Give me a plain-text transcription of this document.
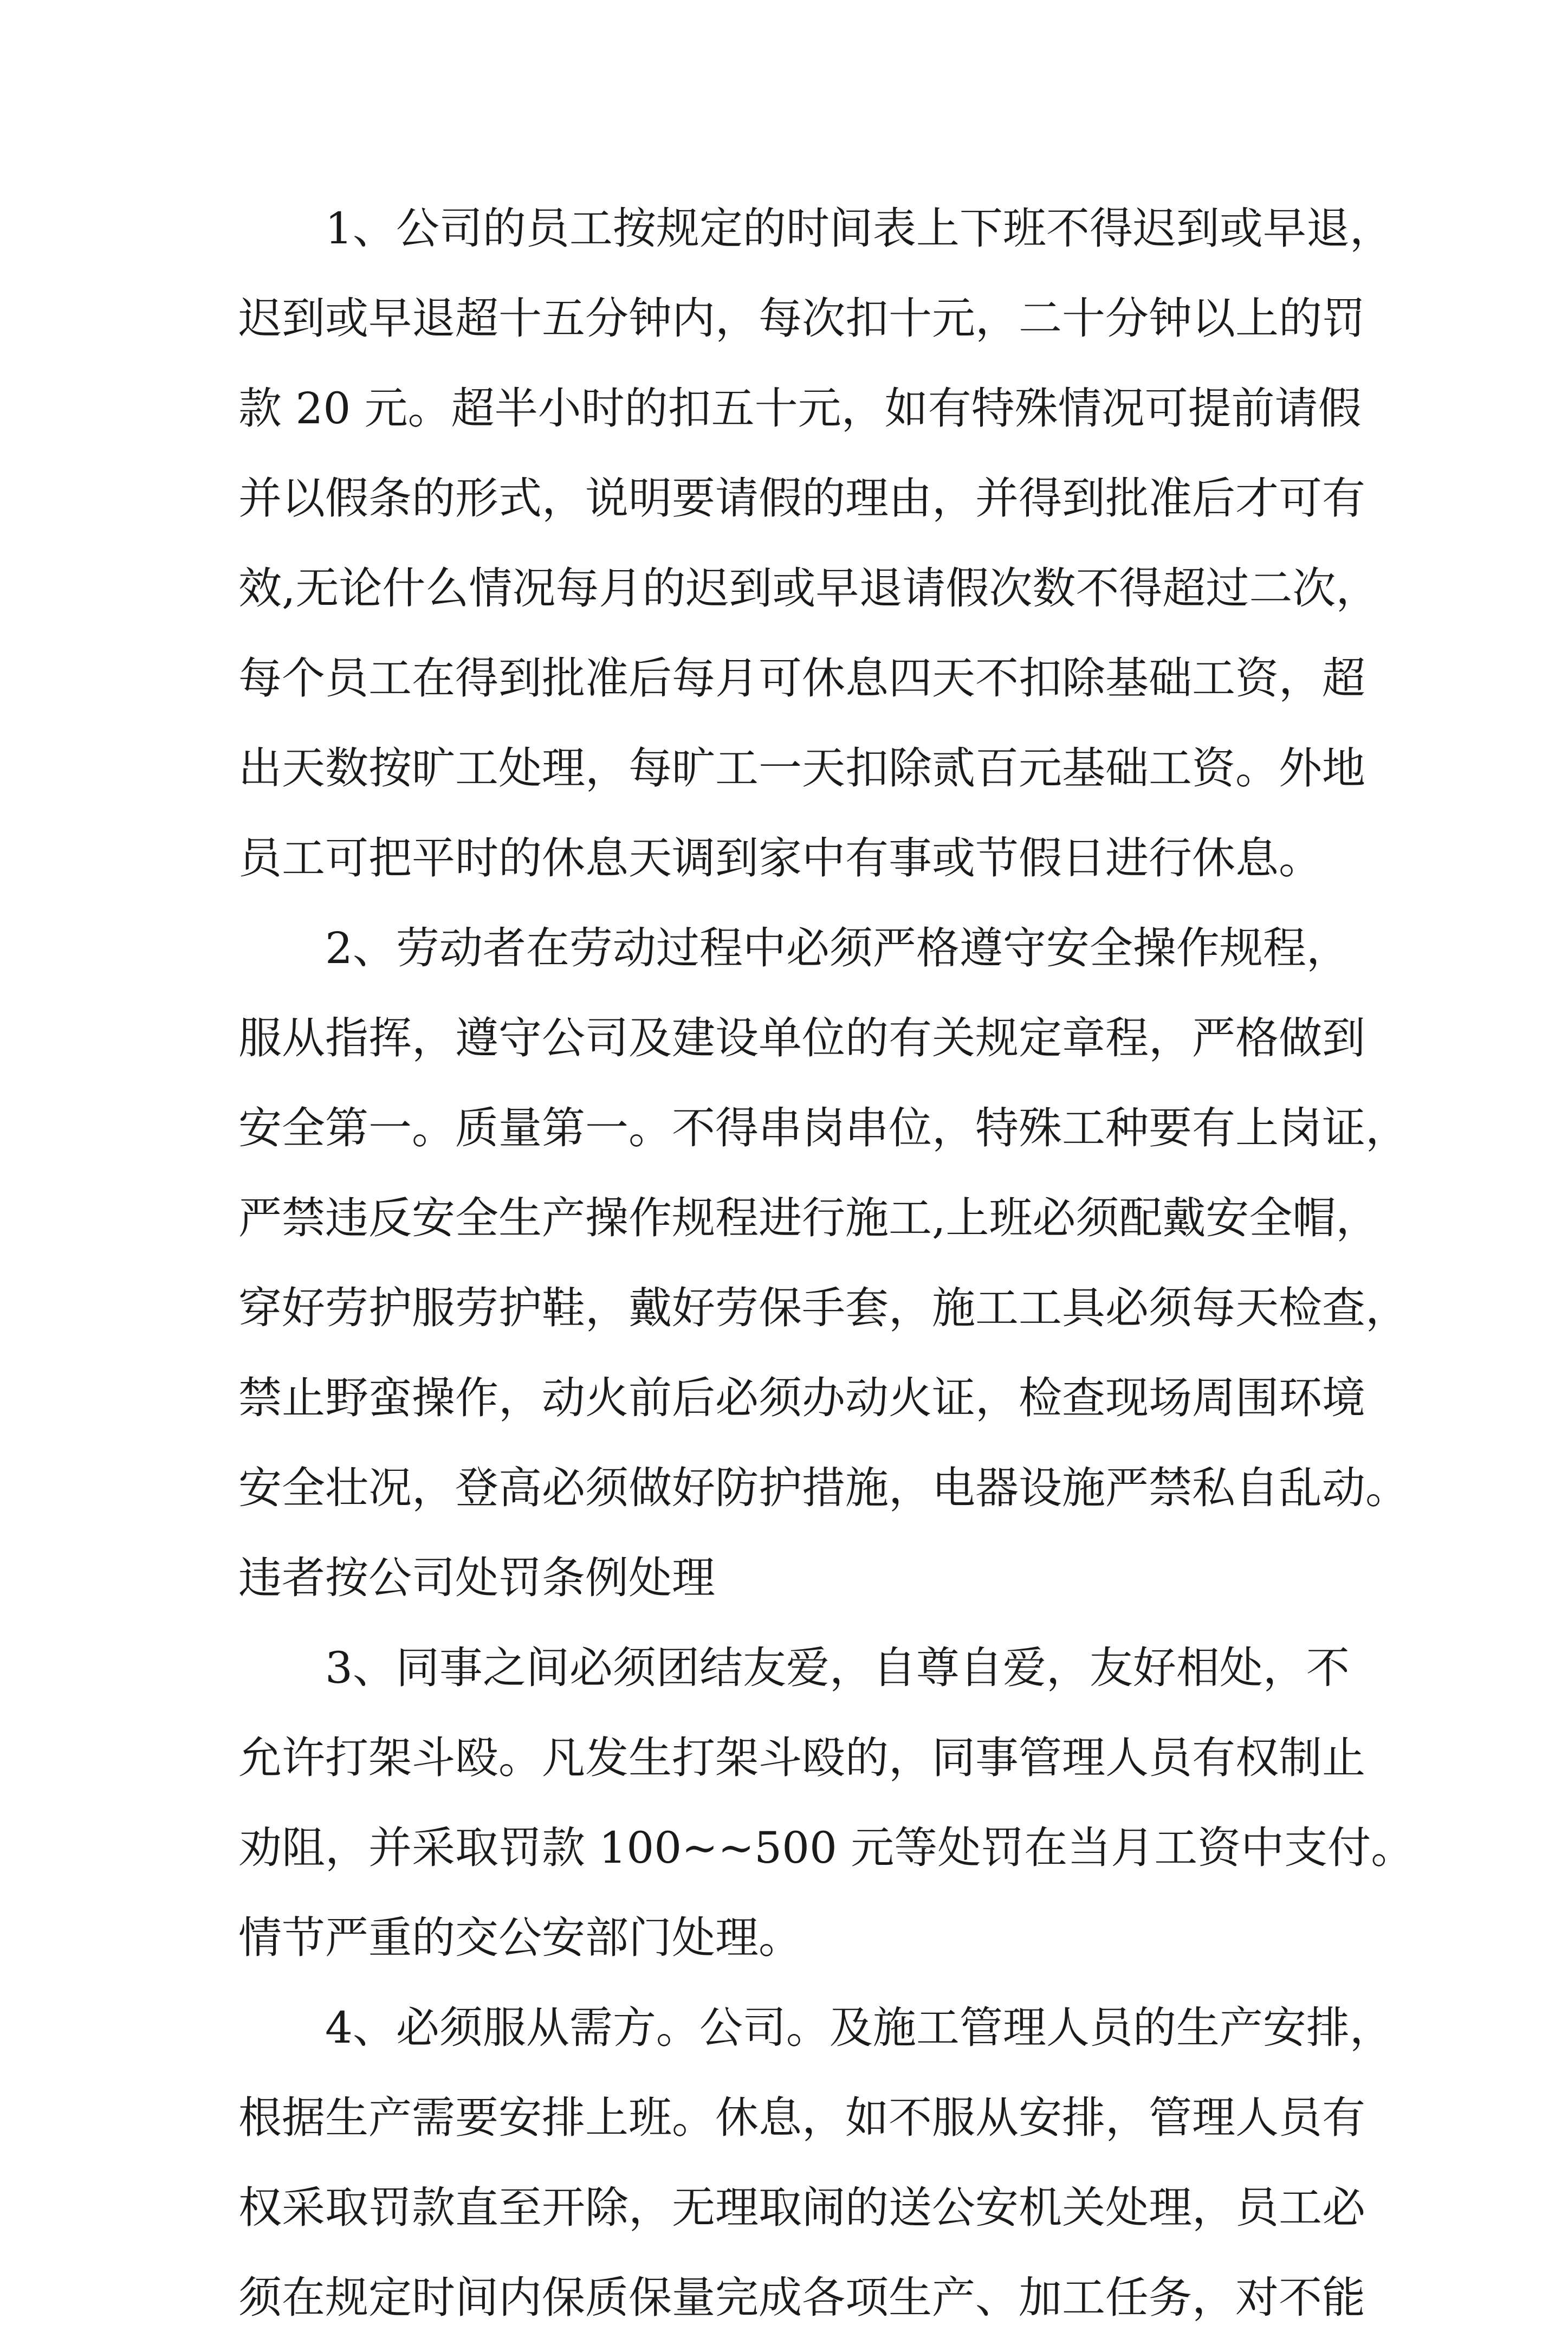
　　1、公司的员工按规定的时间表上下班不得迟到或早退，
迟到或早退超十五分钟内，每次扣十元，二十分钟以上的罚
款 20 元。超半小时的扣五十元，如有特殊情况可提前请假
并以假条的形式，说明要请假的理由，并得到批准后才可有
效,无论什么情况每月的迟到或早退请假次数不得超过二次，
每个员工在得到批准后每月可休息四天不扣除基础工资，超
出天数按旷工处理，每旷工一天扣除贰百元基础工资。外地
员工可把平时的休息天调到家中有事或节假日进行休息。
　　2、劳动者在劳动过程中必须严格遵守安全操作规程，
服从指挥，遵守公司及建设单位的有关规定章程，严格做到
安全第一。质量第一。不得串岗串位，特殊工种要有上岗证，
严禁违反安全生产操作规程进行施工,上班必须配戴安全帽，
穿好劳护服劳护鞋，戴好劳保手套，施工工具必须每天检查，
禁止野蛮操作，动火前后必须办动火证，检查现场周围环境
安全壮况，登高必须做好防护措施，电器设施严禁私自乱动。
违者按公司处罚条例处理
　　3、同事之间必须团结友爱，自尊自爱，友好相处，不
允许打架斗殴。凡发生打架斗殴的，同事管理人员有权制止
劝阻，并采取罚款 100~~500 元等处罚在当月工资中支付。
情节严重的交公安部门处理。
　　4、必须服从需方。公司。及施工管理人员的生产安排，
根据生产需要安排上班。休息，如不服从安排，管理人员有
权采取罚款直至开除，无理取闹的送公安机关处理，员工必
须在规定时间内保质保量完成各项生产、加工任务，对不能
